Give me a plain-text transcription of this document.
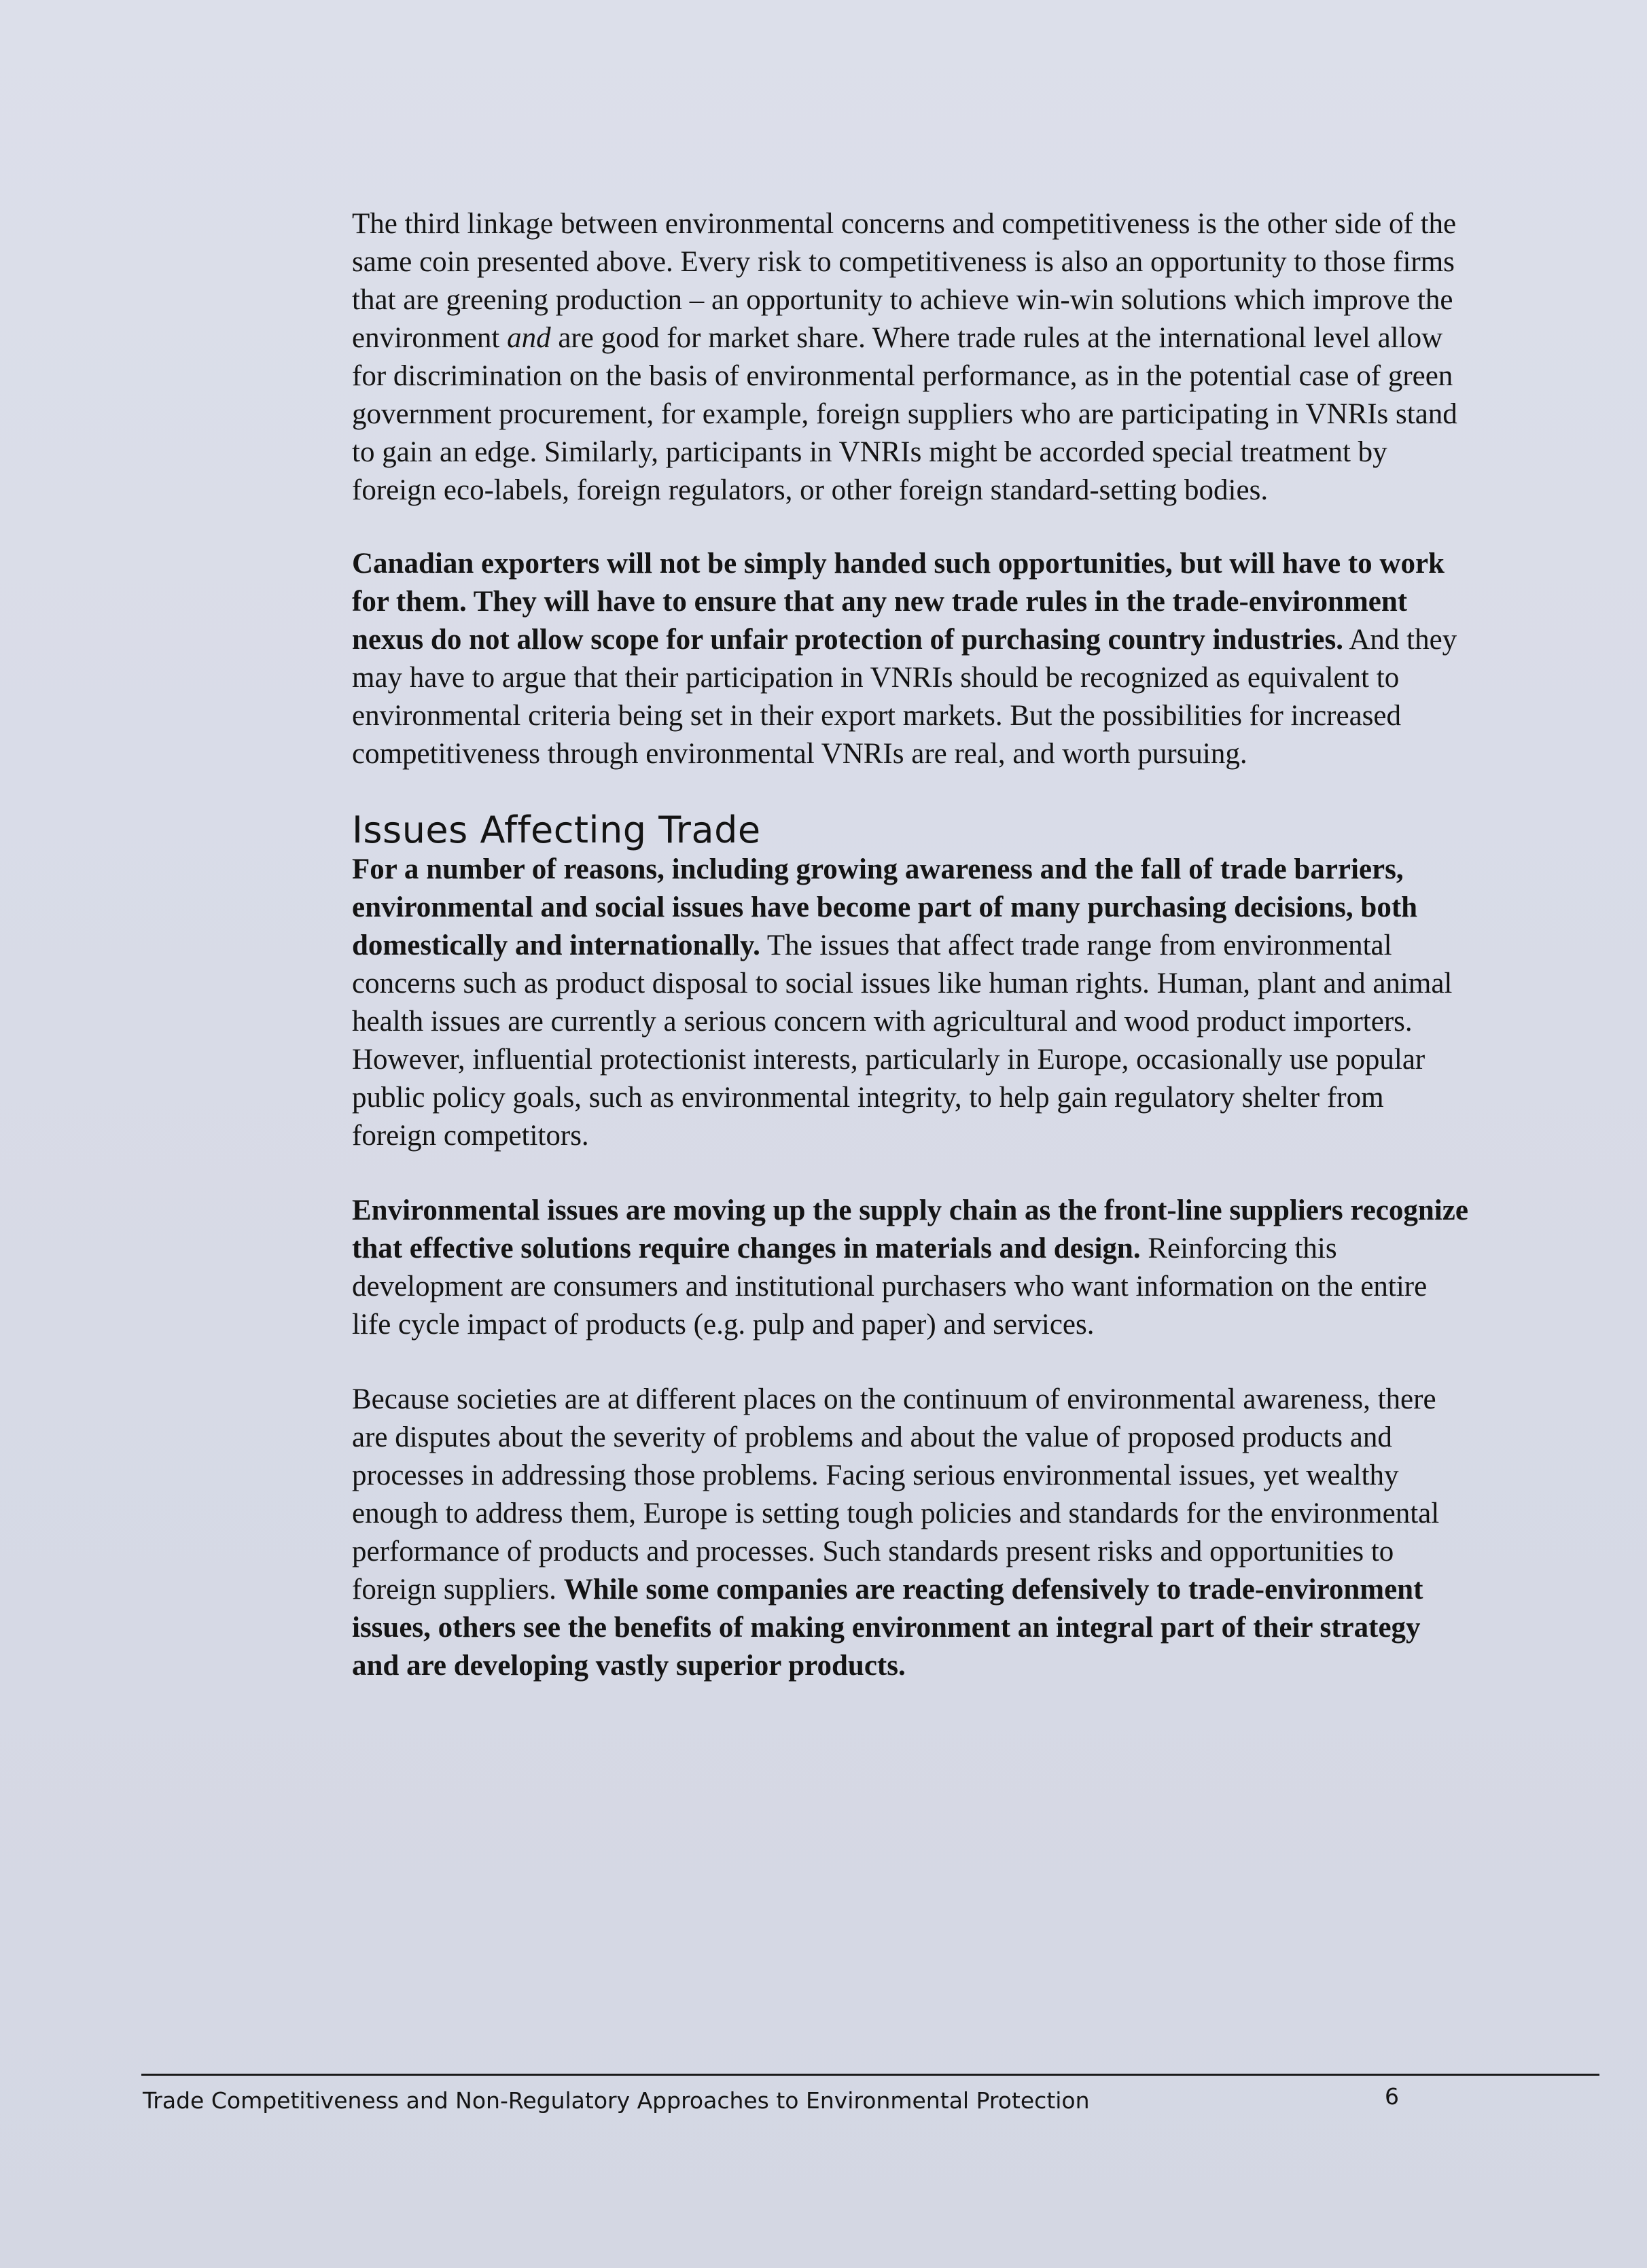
The third linkage between environmental concerns and competitiveness is the other side of the same coin presented above. Every risk to competitiveness is also an opportunity to those firms that are greening production – an opportunity to achieve win-win solutions which improve the environment and are good for market share. Where trade rules at the international level allow for discrimination on the basis of environmental performance, as in the potential case of green government procurement, for example, foreign suppliers who are participating in VNRIs stand to gain an edge. Similarly, participants in VNRIs might be accorded special treatment by foreign eco-labels, foreign regulators, or other foreign standard-setting bodies.

Canadian exporters will not be simply handed such opportunities, but will have to work for them. They will have to ensure that any new trade rules in the trade-environment nexus do not allow scope for unfair protection of purchasing country industries. And they may have to argue that their participation in VNRIs should be recognized as equivalent to environmental criteria being set in their export markets. But the possibilities for increased competitiveness through environmental VNRIs are real, and worth pursuing.

Issues Affecting Trade

For a number of reasons, including growing awareness and the fall of trade barriers, environmental and social issues have become part of many purchasing decisions, both domestically and internationally. The issues that affect trade range from environmental concerns such as product disposal to social issues like human rights. Human, plant and animal health issues are currently a serious concern with agricultural and wood product importers. However, influential protectionist interests, particularly in Europe, occasionally use popular public policy goals, such as environmental integrity, to help gain regulatory shelter from foreign competitors.

Environmental issues are moving up the supply chain as the front-line suppliers recognize that effective solutions require changes in materials and design. Reinforcing this development are consumers and institutional purchasers who want information on the entire life cycle impact of products (e.g. pulp and paper) and services.

Because societies are at different places on the continuum of environmental awareness, there are disputes about the severity of problems and about the value of proposed products and processes in addressing those problems. Facing serious environmental issues, yet wealthy enough to address them, Europe is setting tough policies and standards for the environmental performance of products and processes. Such standards present risks and opportunities to foreign suppliers. While some companies are reacting defensively to trade-environment issues, others see the benefits of making environment an integral part of their strategy and are developing vastly superior products.

Trade Competitiveness and Non-Regulatory Approaches to Environmental Protection	6
